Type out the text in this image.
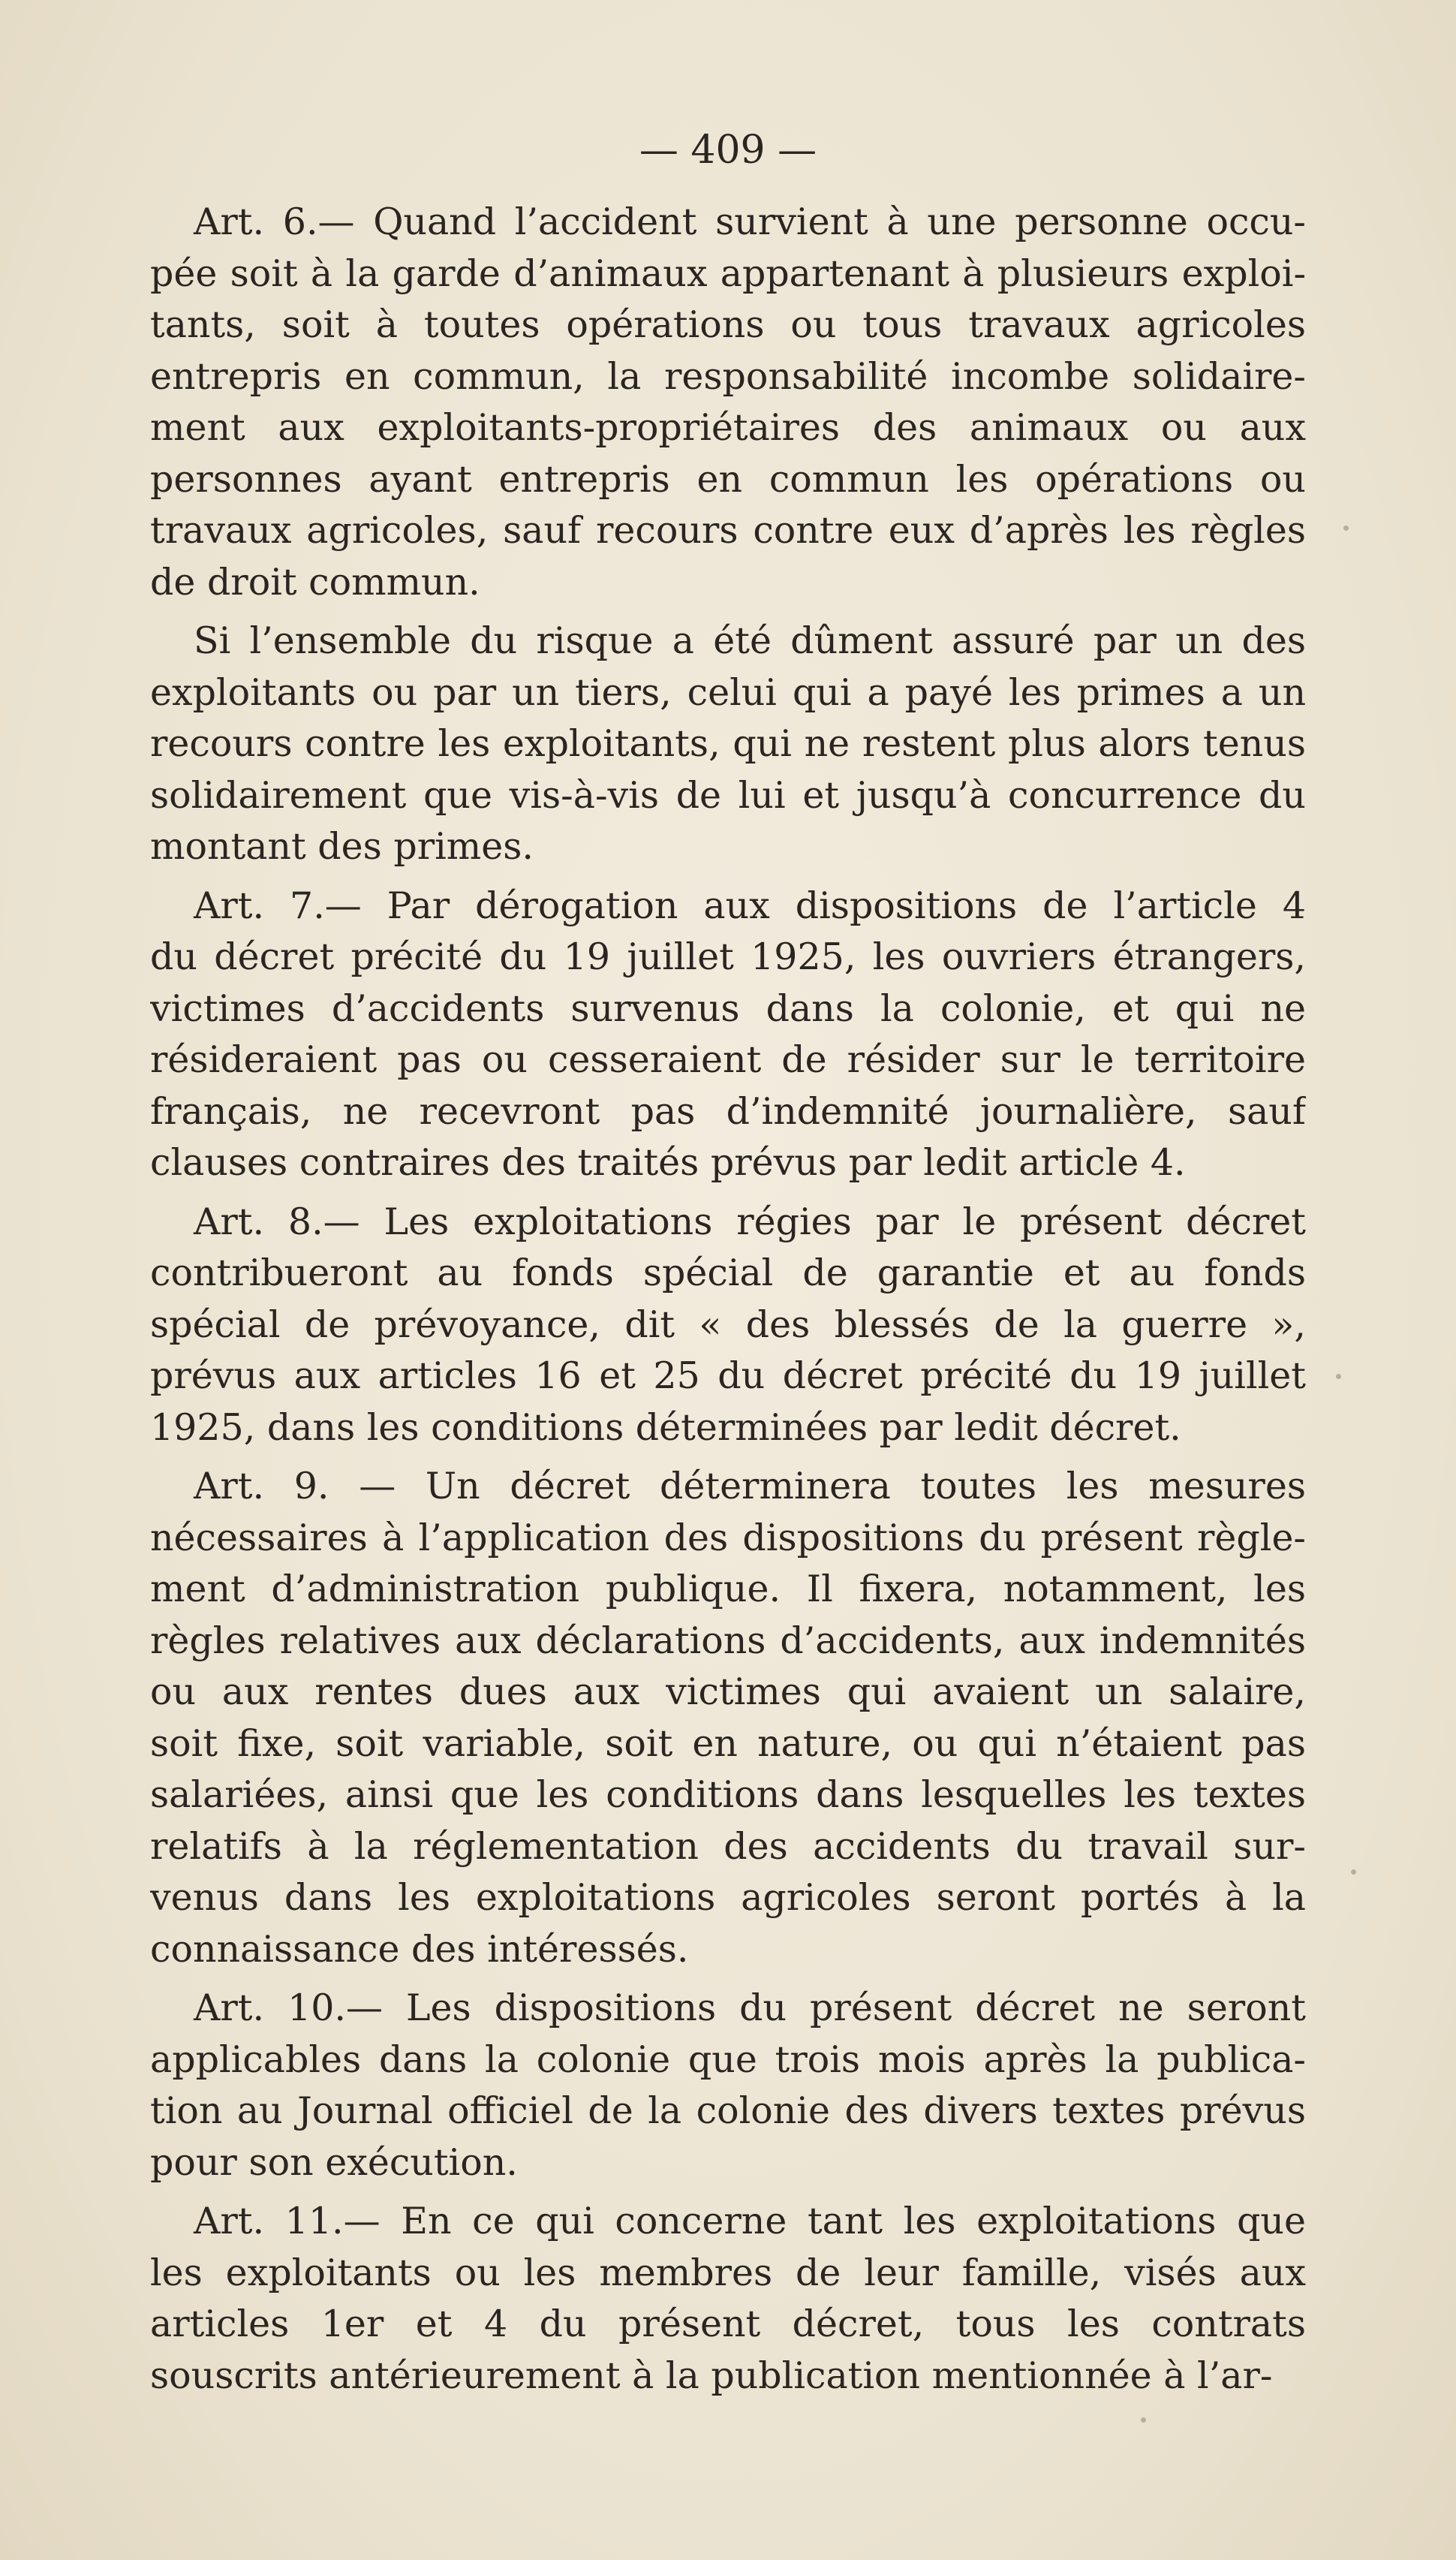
— 409 —
Art. 6.— Quand l’accident survient à une personne occu-
pée soit à la garde d’animaux appartenant à plusieurs exploi-
tants, soit à toutes opérations ou tous travaux agricoles
entrepris en commun, la responsabilité incombe solidaire-
ment aux exploitants-propriétaires des animaux ou aux
personnes ayant entrepris en commun les opérations ou
travaux agricoles, sauf recours contre eux d’après les règles
de droit commun.
Si l’ensemble du risque a été dûment assuré par un des
exploitants ou par un tiers, celui qui a payé les primes a un
recours contre les exploitants, qui ne restent plus alors tenus
solidairement que vis-à-vis de lui et jusqu’à concurrence du
montant des primes.
Art. 7.— Par dérogation aux dispositions de l’article 4
du décret précité du 19 juillet 1925, les ouvriers étrangers,
victimes d’accidents survenus dans la colonie, et qui ne
résideraient pas ou cesseraient de résider sur le territoire
français, ne recevront pas d’indemnité journalière, sauf
clauses contraires des traités prévus par ledit article 4.
Art. 8.— Les exploitations régies par le présent décret
contribueront au fonds spécial de garantie et au fonds
spécial de prévoyance, dit « des blessés de la guerre »,
prévus aux articles 16 et 25 du décret précité du 19 juillet
1925, dans les conditions déterminées par ledit décret.
Art. 9. — Un décret déterminera toutes les mesures
nécessaires à l’application des dispositions du présent règle-
ment d’administration publique. Il fixera, notamment, les
règles relatives aux déclarations d’accidents, aux indemnités
ou aux rentes dues aux victimes qui avaient un salaire,
soit fixe, soit variable, soit en nature, ou qui n’étaient pas
salariées, ainsi que les conditions dans lesquelles les textes
relatifs à la réglementation des accidents du travail sur-
venus dans les exploitations agricoles seront portés à la
connaissance des intéressés.
Art. 10.— Les dispositions du présent décret ne seront
applicables dans la colonie que trois mois après la publica-
tion au Journal officiel de la colonie des divers textes prévus
pour son exécution.
Art. 11.— En ce qui concerne tant les exploitations que
les exploitants ou les membres de leur famille, visés aux
articles 1er et 4 du présent décret, tous les contrats
souscrits antérieurement à la publication mentionnée à l’ar-
